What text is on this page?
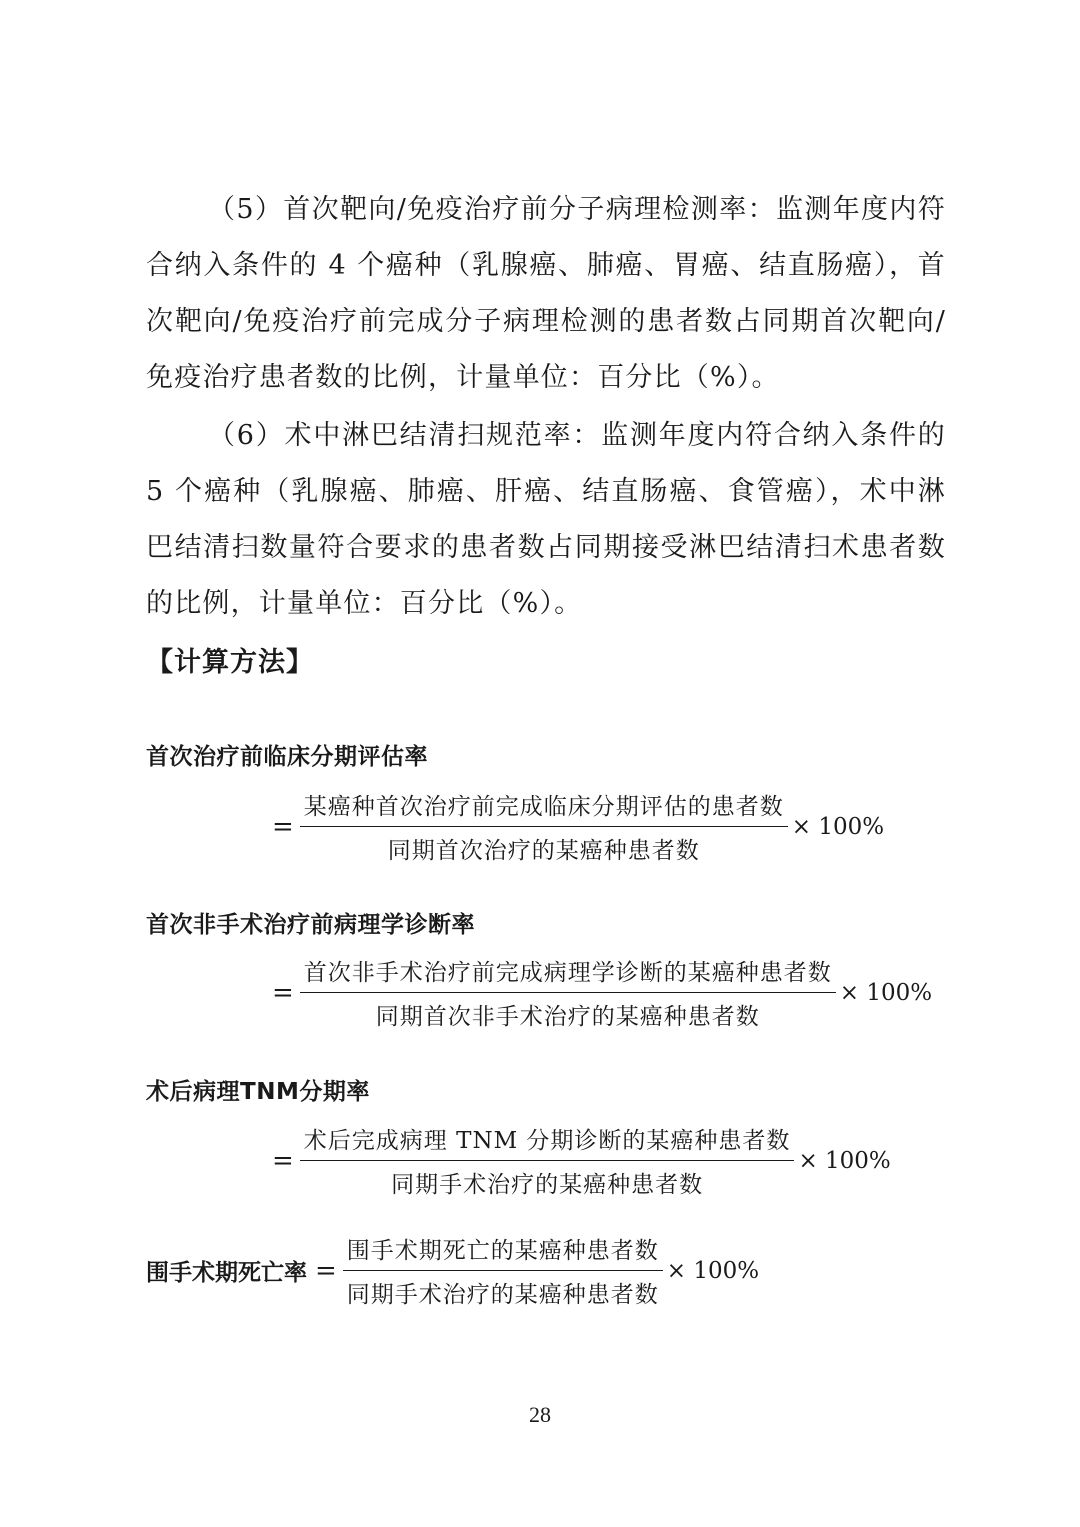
（5）首次靶向/免疫治疗前分子病理检测率：监测年度内符合纳入条件的 4 个癌种（乳腺癌、肺癌、胃癌、结直肠癌），首次靶向/免疫治疗前完成分子病理检测的患者数占同期首次靶向/免疫治疗患者数的比例，计量单位：百分比（%）。

（6）术中淋巴结清扫规范率：监测年度内符合纳入条件的 5 个癌种（乳腺癌、肺癌、肝癌、结直肠癌、食管癌），术中淋巴结清扫数量符合要求的患者数占同期接受淋巴结清扫术患者数的比例，计量单位：百分比（%）。

【计算方法】
首次治疗前临床分期评估率
= $\frac{\text{某癌种首次治疗前完成临床分期评估的患者数}}{\text{同期首次治疗的某癌种患者数}} \times 100\%$
首次非手术治疗前病理学诊断率
= $\frac{\text{首次非手术治疗前完成病理学诊断的某癌种患者数}}{\text{同期首次非手术治疗的某癌种患者数}} \times 100\%$
术后病理TNM分期率
= $\frac{\text{术后完成病理 TNM 分期诊断的某癌种患者数}}{\text{同期手术治疗的某癌种患者数}} \times 100\%$
围手术期死亡率 = $\frac{\text{围手术期死亡的某癌种患者数}}{\text{同期手术治疗的某癌种患者数}} \times 100\%$
28
